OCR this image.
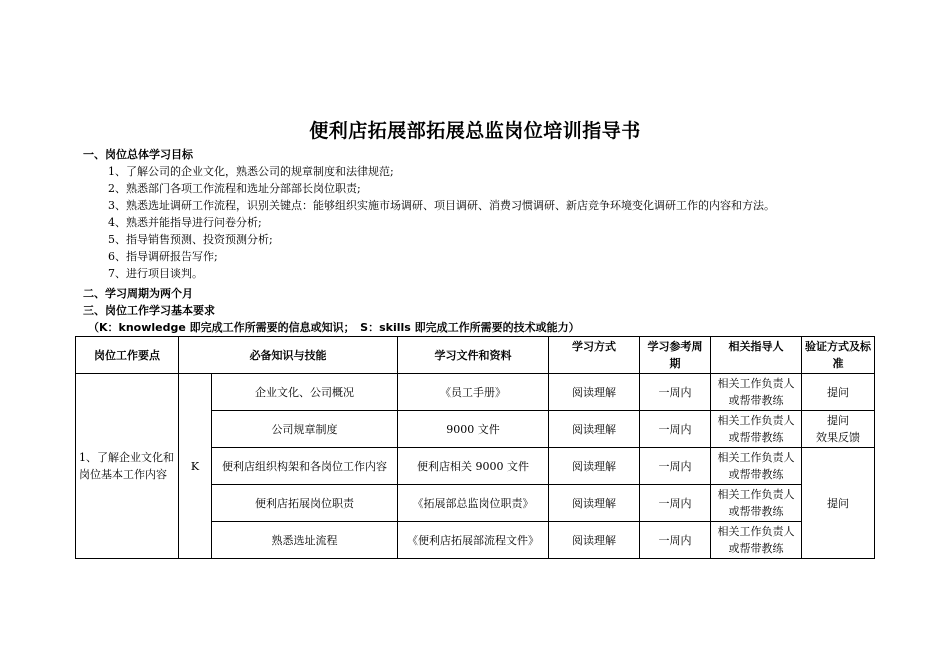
便利店拓展部拓展总监岗位培训指导书
一、岗位总体学习目标
1、了解公司的企业文化，熟悉公司的规章制度和法律规范;
2、熟悉部门各项工作流程和选址分部部长岗位职责;
3、熟悉选址调研工作流程，识别关键点：能够组织实施市场调研、项目调研、消费习惯调研、新店竞争环境变化调研工作的内容和方法。
4、熟悉并能指导进行问卷分析;
5、指导销售预测、投资预测分析;
6、指导调研报告写作;
7、进行项目谈判。
二、学习周期为两个月
三、岗位工作学习基本要求
（K：knowledge 即完成工作所需要的信息或知识；　S：skills 即完成工作所需要的技术或能力）
岗位工作要点	必备知识与技能		学习文件和资料	学习方式	学习参考周期	相关指导人	验证方式及标准
1、了解企业文化和岗位基本工作内容	K	企业文化、公司概况	《员工手册》	阅读理解	一周内	相关工作负责人或帮带教练	提问
		公司规章制度	9000 文件	阅读理解	一周内	相关工作负责人或帮带教练	提问
效果反馈
		便利店组织构架和各岗位工作内容	便利店相关 9000 文件	阅读理解	一周内	相关工作负责人或帮带教练	提问
		便利店拓展岗位职责	《拓展部总监岗位职责》	阅读理解	一周内	相关工作负责人或帮带教练	
		熟悉选址流程	《便利店拓展部流程文件》	阅读理解	一周内	相关工作负责人或帮带教练	
